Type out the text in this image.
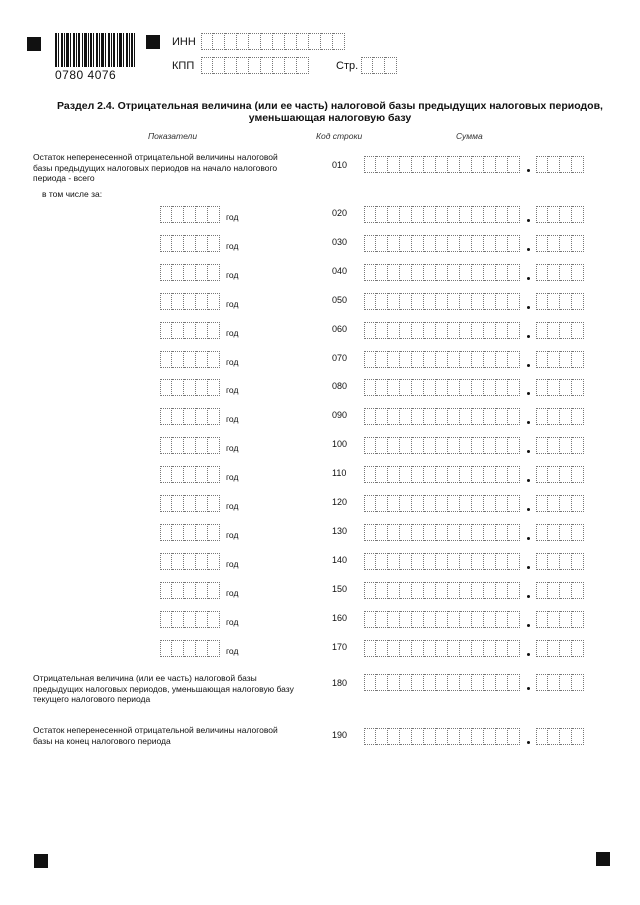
0780 4076
ИНН
КПП	Стр.
Раздел 2.4. Отрицательная величина (или ее часть) налоговой базы предыдущих налоговых периодов,
уменьшающая налоговую базу
Показатели	Код строки	Сумма
Остаток неперенесенной отрицательной величины налоговой
базы предыдущих налоговых периодов на начало налогового
периода - всего
010
в том числе за:
год	020
год	030
год	040
год	050
год	060
год	070
год	080
год	090
год	100
год	110
год	120
год	130
год	140
год	150
год	160
год	170
Отрицательная величина (или ее часть) налоговой базы
предыдущих налоговых периодов, уменьшающая налоговую базу
текущего налогового периода
180
Остаток неперенесенной отрицательной величины налоговой
базы на конец налогового периода
190
